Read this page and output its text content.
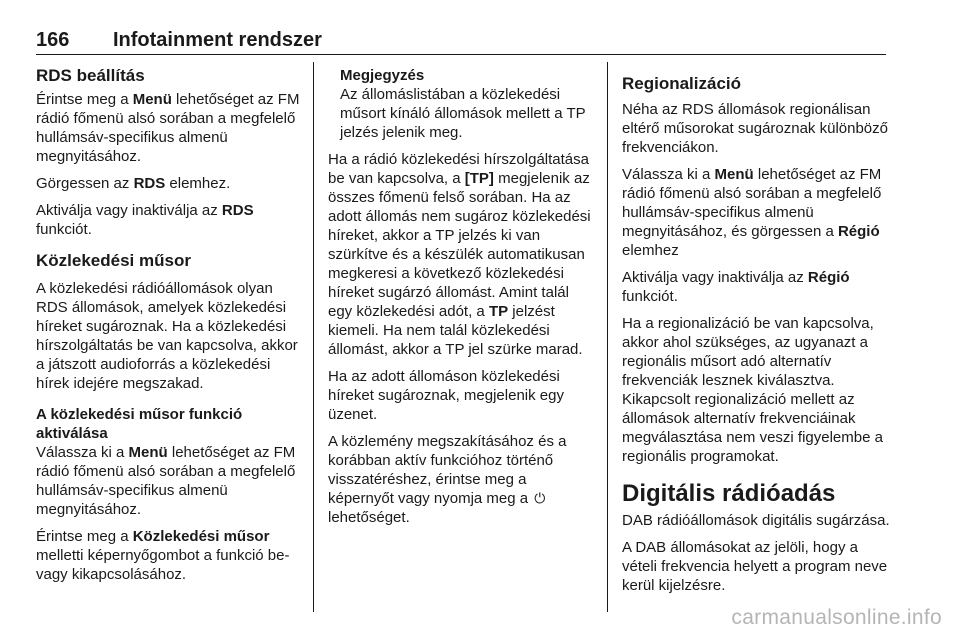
166 Infotainment rendszer
RDS beállítás

Érintse meg a Menü lehetőséget az FM rádió főmenü alsó sorában a megfelelő hullámsáv-specifikus almenü megnyitásához.

Görgessen az RDS elemhez.

Aktiválja vagy inaktiválja az RDS funkciót.

Közlekedési műsor

A közlekedési rádióállomások olyan RDS állomások, amelyek közlekedési híreket sugároznak. Ha a közlekedési hírszolgáltatás be van kapcsolva, akkor a játszott audioforrás a közlekedési hírek idejére megszakad.

A közlekedési műsor funkció aktiválása

Válassza ki a Menü lehetőséget az FM rádió főmenü alsó sorában a megfelelő hullámsáv-specifikus almenü megnyitásához.

Érintse meg a Közlekedési műsor melletti képernyőgombot a funkció be- vagy kikapcsolásához.

Megjegyzés
Az állomáslistában a közlekedési műsort kínáló állomások mellett a TP jelzés jelenik meg.

Ha a rádió közlekedési hírszolgáltatása be van kapcsolva, a [TP] megjelenik az összes főmenü felső sorában. Ha az adott állomás nem sugároz közlekedési híreket, akkor a TP jelzés ki van szürkítve és a készülék automatikusan megkeresi a következő közlekedési híreket sugárzó állomást. Amint talál egy közlekedési adót, a TP jelzést kiemeli. Ha nem talál közlekedési állomást, akkor a TP jel szürke marad.

Ha az adott állomáson közlekedési híreket sugároznak, megjelenik egy üzenet.

A közlemény megszakításához és a korábban aktív funkcióhoz történő visszatéréshez, érintse meg a képernyőt vagy nyomja meg a ⏻ lehetőséget.

Regionalizáció

Néha az RDS állomások regionálisan eltérő műsorokat sugároznak különböző frekvenciákon.

Válassza ki a Menü lehetőséget az FM rádió főmenü alsó sorában a megfelelő hullámsáv-specifikus almenü megnyitásához, és görgessen a Régió elemhez

Aktiválja vagy inaktiválja az Régió funkciót.

Ha a regionalizáció be van kapcsolva, akkor ahol szükséges, az ugyanazt a regionális műsort adó alternatív frekvenciák lesznek kiválasztva. Kikapcsolt regionalizáció mellett az állomások alternatív frekvenciáinak megválasztása nem veszi figyelembe a regionális programokat.

Digitális rádióadás

DAB rádióállomások digitális sugárzása.

A DAB állomásokat az jelöli, hogy a vételi frekvencia helyett a program neve kerül kijelzésre.

carmanualsonline.info
